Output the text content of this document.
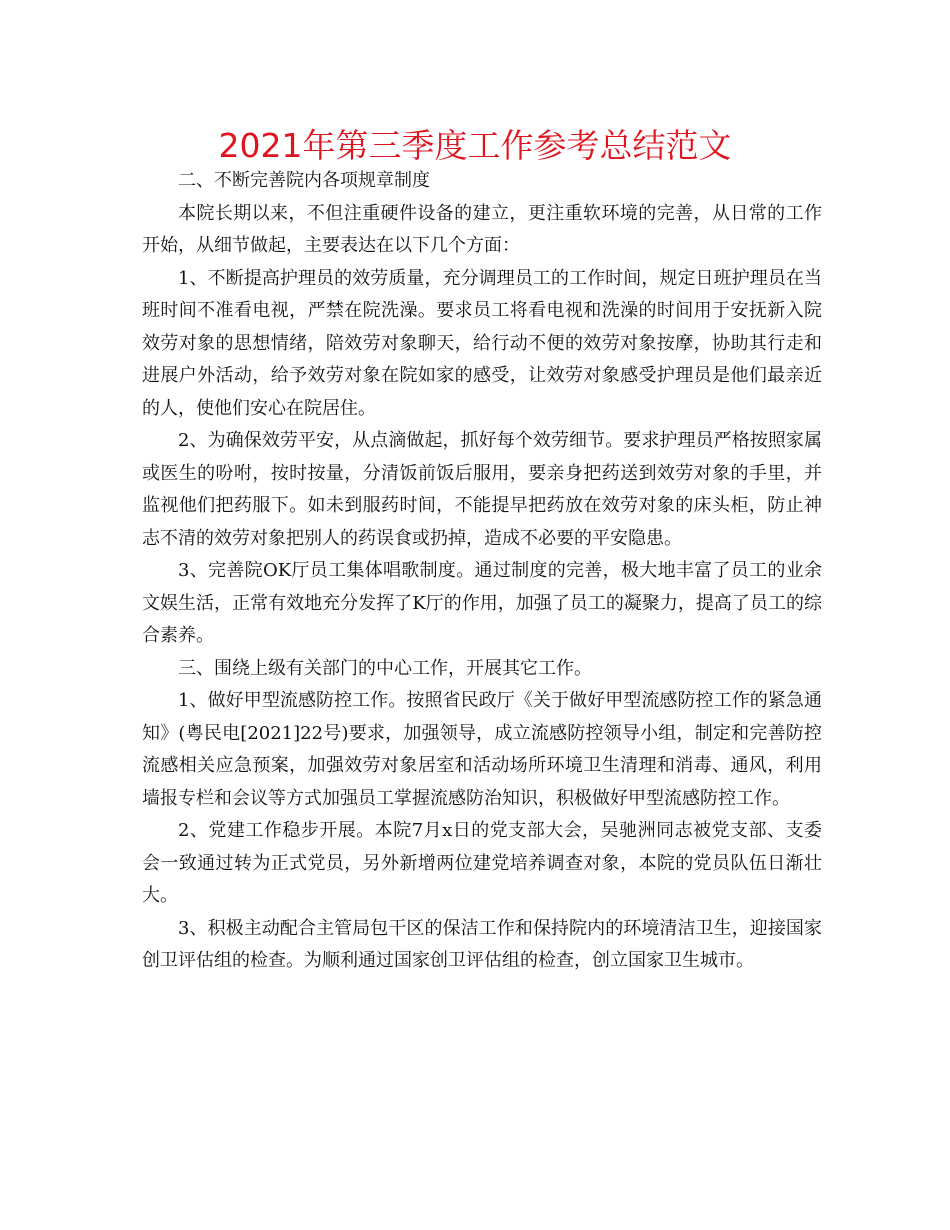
2021年第三季度工作参考总结范文

二、不断完善院内各项规章制度

本院长期以来，不但注重硬件设备的建立，更注重软环境的完善，从日常的工作开始，从细节做起，主要表达在以下几个方面：

1、不断提高护理员的效劳质量，充分调理员工的工作时间，规定日班护理员在当班时间不准看电视，严禁在院洗澡。要求员工将看电视和洗澡的时间用于安抚新入院效劳对象的思想情绪，陪效劳对象聊天，给行动不便的效劳对象按摩，协助其行走和进展户外活动，给予效劳对象在院如家的感受，让效劳对象感受护理员是他们最亲近的人，使他们安心在院居住。

2、为确保效劳平安，从点滴做起，抓好每个效劳细节。要求护理员严格按照家属或医生的吩咐，按时按量，分清饭前饭后服用，要亲身把药送到效劳对象的手里，并监视他们把药服下。如未到服药时间，不能提早把药放在效劳对象的床头柜，防止神志不清的效劳对象把别人的药误食或扔掉，造成不必要的平安隐患。

3、完善院OK厅员工集体唱歌制度。通过制度的完善，极大地丰富了员工的业余文娱生活，正常有效地充分发挥了K厅的作用，加强了员工的凝聚力，提高了员工的综合素养。

三、围绕上级有关部门的中心工作，开展其它工作。

1、做好甲型流感防控工作。按照省民政厅《关于做好甲型流感防控工作的紧急通知》(粤民电[2021]22号)要求，加强领导，成立流感防控领导小组，制定和完善防控流感相关应急预案，加强效劳对象居室和活动场所环境卫生清理和消毒、通风，利用墙报专栏和会议等方式加强员工掌握流感防治知识，积极做好甲型流感防控工作。

2、党建工作稳步开展。本院7月x日的党支部大会，吴驰洲同志被党支部、支委会一致通过转为正式党员，另外新增两位建党培养调查对象，本院的党员队伍日渐壮大。

3、积极主动配合主管局包干区的保洁工作和保持院内的环境清洁卫生，迎接国家创卫评估组的检查。为顺利通过国家创卫评估组的检查，创立国家卫生城市。
